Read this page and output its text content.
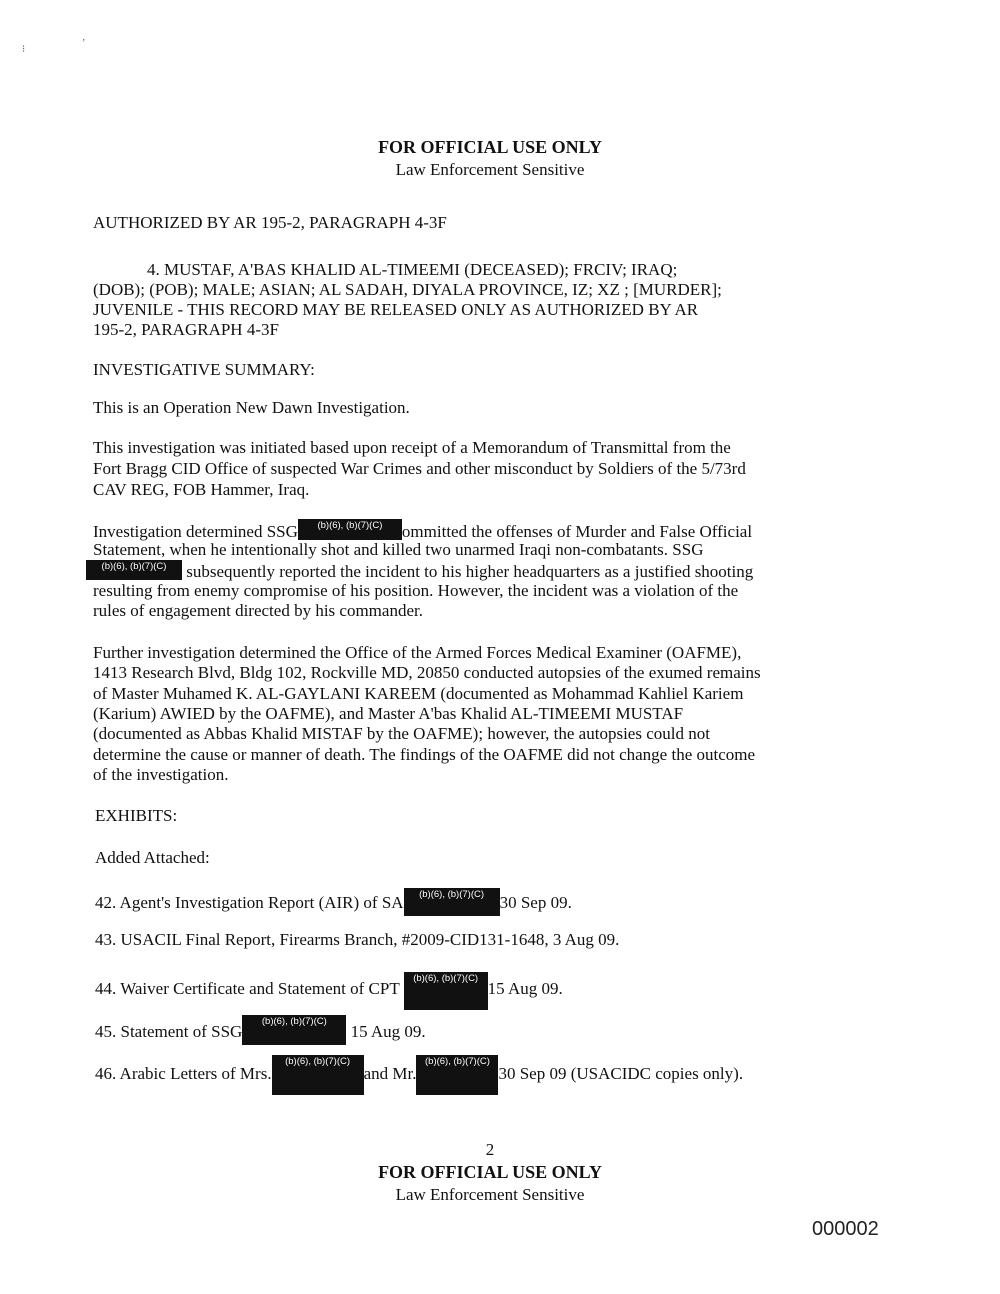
⁝
’
FOR OFFICIAL USE ONLY
Law Enforcement Sensitive
AUTHORIZED BY AR 195-2, PARAGRAPH 4-3F
4. MUSTAF, A'BAS KHALID AL-TIMEEMI (DECEASED); FRCIV; IRAQ;
(DOB); (POB); MALE; ASIAN; AL SADAH, DIYALA PROVINCE, IZ; XZ ; [MURDER];
JUVENILE - THIS RECORD MAY BE RELEASED ONLY AS AUTHORIZED BY AR
195-2, PARAGRAPH 4-3F
INVESTIGATIVE SUMMARY:
This is an Operation New Dawn Investigation.
This investigation was initiated based upon receipt of a Memorandum of Transmittal from the
Fort Bragg CID Office of suspected War Crimes and other misconduct by Soldiers of the 5/73rd
CAV REG, FOB Hammer, Iraq.
Investigation determined SSG	(b)(6), (b)(7)(C)	ommitted the offenses of Murder and False Official
Statement, when he intentionally shot and killed two unarmed Iraqi non-combatants. SSG
(b)(6), (b)(7)(C)	subsequently reported the incident to his higher headquarters as a justified shooting
resulting from enemy compromise of his position. However, the incident was a violation of the
rules of engagement directed by his commander.
Further investigation determined the Office of the Armed Forces Medical Examiner (OAFME),
1413 Research Blvd, Bldg 102, Rockville MD, 20850 conducted autopsies of the exumed remains
of Master Muhamed K. AL-GAYLANI KAREEM (documented as Mohammad Kahliel Kariem
(Karium) AWIED by the OAFME), and Master A'bas Khalid AL-TIMEEMI MUSTAF
(documented as Abbas Khalid MISTAF by the OAFME); however, the autopsies could not
determine the cause or manner of death. The findings of the OAFME did not change the outcome
of the investigation.
EXHIBITS:
Added Attached:
42. Agent's Investigation Report (AIR) of SA	(b)(6), (b)(7)(C) 30 Sep 09.
43. USACIL Final Report, Firearms Branch, #2009-CID131-1648, 3 Aug 09.
44. Waiver Certificate and Statement of CPT
(b)(6), (b)(7)(C)
15 Aug 09.
45. Statement of SSG
(b)(6), (b)(7)(C)
15 Aug 09.
46. Arabic Letters of Mrs.
(b)(6), (b)(7)(C)
and Mr.
(b)(6), (b)(7)(C)
30 Sep 09 (USACIDC copies only).
2
FOR OFFICIAL USE ONLY
Law Enforcement Sensitive
000002
